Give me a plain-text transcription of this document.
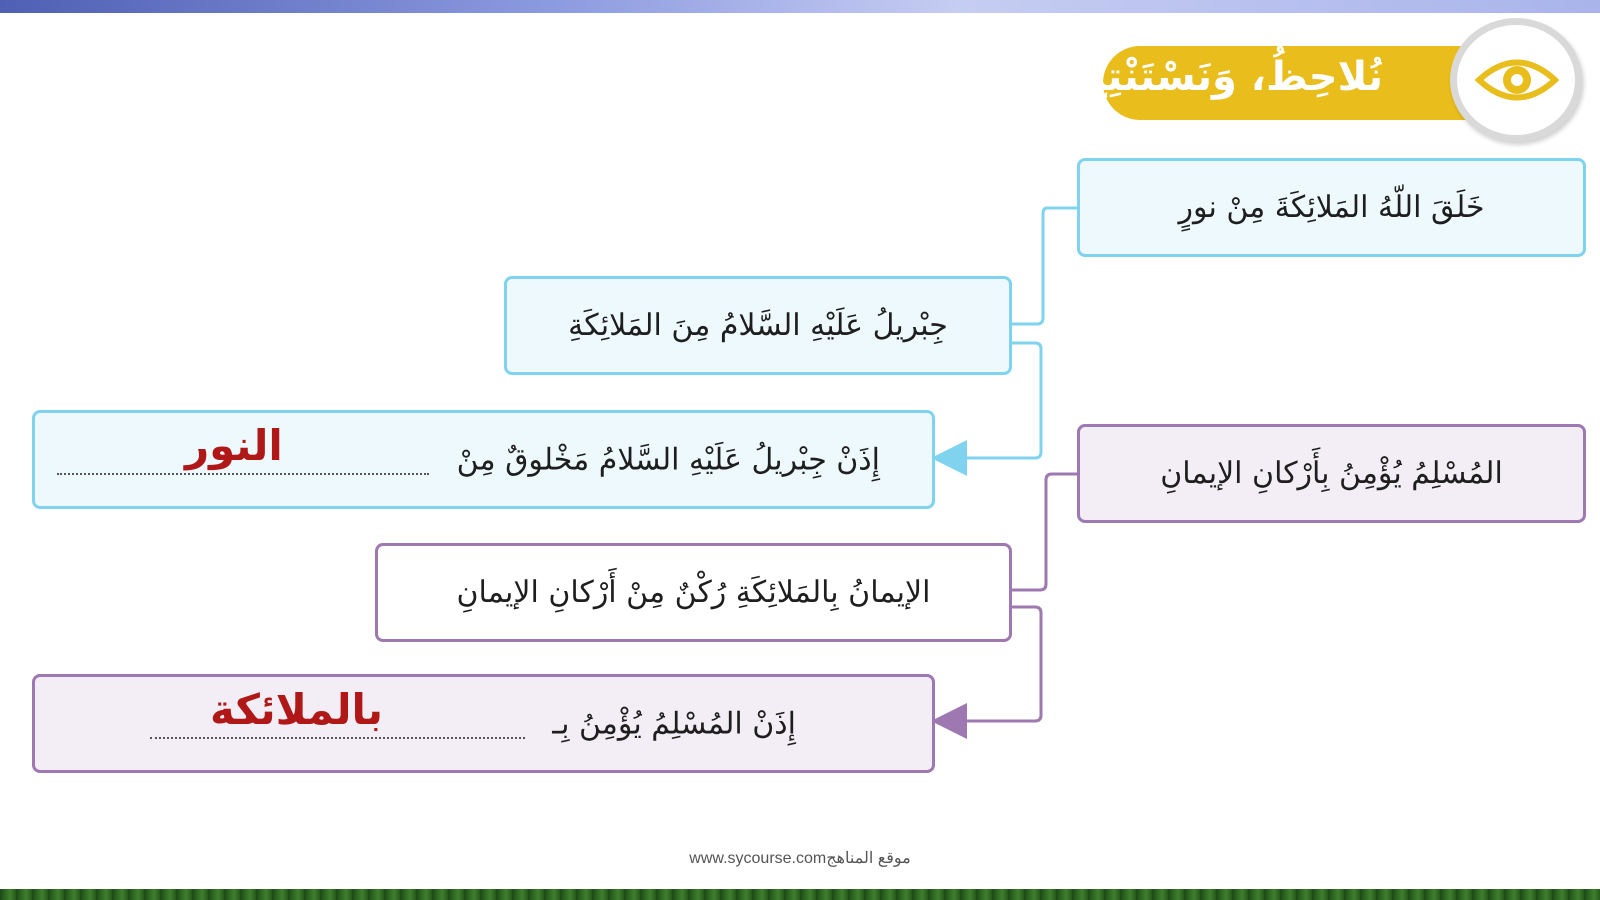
نُلاحِظُ، وَنَسْتَنْتِجُ
خَلَقَ اللّهُ المَلائِكَةَ مِنْ نورٍ
جِبْريلُ عَلَيْهِ السَّلامُ مِنَ المَلائِكَةِ
إِذَنْ جِبْريلُ عَلَيْهِ السَّلامُ مَخْلوقٌ مِنْ
النور
المُسْلِمُ يُؤْمِنُ بِأَرْكانِ الإيمانِ
الإيمانُ بِالمَلائِكَةِ رُكْنٌ مِنْ أَرْكانِ الإيمانِ
إِذَنْ المُسْلِمُ يُؤْمِنُ بِـ
بالملائكة
www.sycourse.comموقع المناهج
